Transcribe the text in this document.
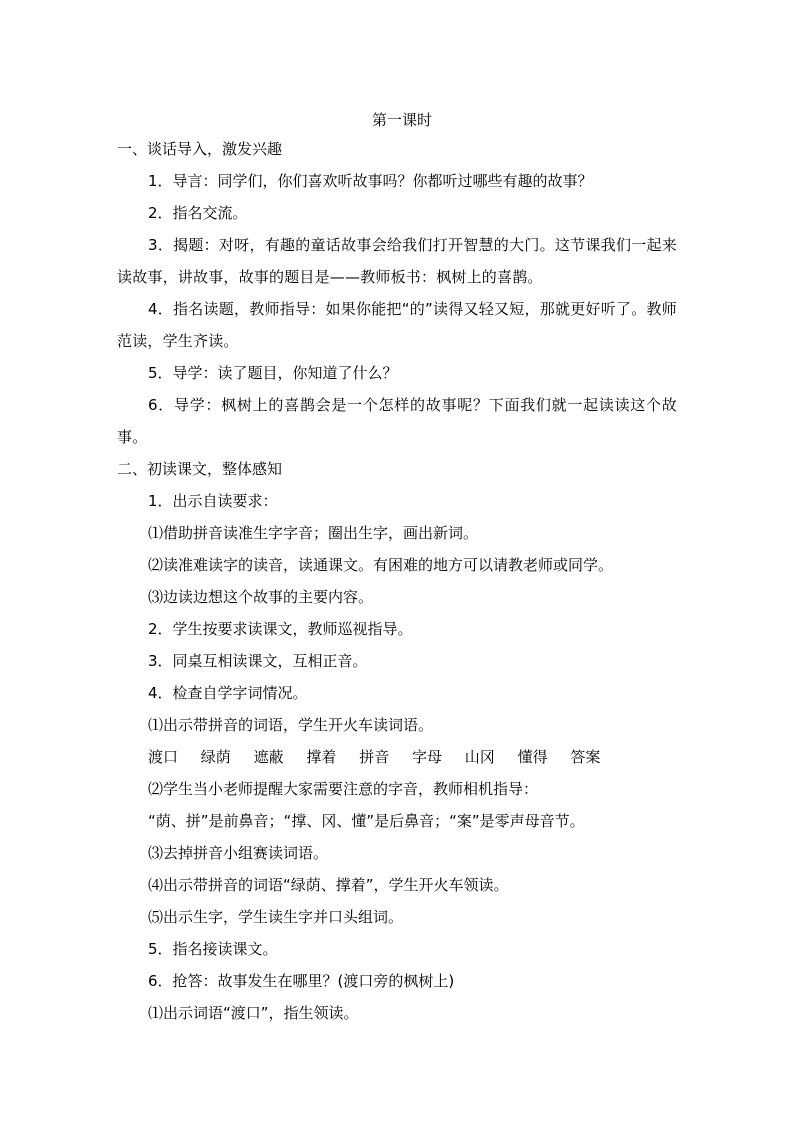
第一课时
一、谈话导入，激发兴趣
1．导言：同学们，你们喜欢听故事吗？你都听过哪些有趣的故事？
2．指名交流。
3．揭题：对呀，有趣的童话故事会给我们打开智慧的大门。这节课我们一起来读故事，讲故事，故事的题目是——教师板书：枫树上的喜鹊。
4．指名读题，教师指导：如果你能把“的”读得又轻又短，那就更好听了。教师范读，学生齐读。
5．导学：读了题目，你知道了什么？
6．导学：枫树上的喜鹊会是一个怎样的故事呢？下面我们就一起读读这个故事。
二、初读课文，整体感知
1．出示自读要求：
⑴借助拼音读准生字字音；圈出生字，画出新词。
⑵读准难读字的读音，读通课文。有困难的地方可以请教老师或同学。
⑶边读边想这个故事的主要内容。
2．学生按要求读课文，教师巡视指导。
3．同桌互相读课文，互相正音。
4．检查自学字词情况。
⑴出示带拼音的词语，学生开火车读词语。
渡口 绿荫 遮蔽 撑着 拼音 字母 山冈 懂得 答案
⑵学生当小老师提醒大家需要注意的字音，教师相机指导：
“荫、拼”是前鼻音；“撑、冈、懂”是后鼻音；“案”是零声母音节。
⑶去掉拼音小组赛读词语。
⑷出示带拼音的词语“绿荫、撑着”，学生开火车领读。
⑸出示生字，学生读生字并口头组词。
5．指名接读课文。
6．抢答：故事发生在哪里？(渡口旁的枫树上)
⑴出示词语“渡口”，指生领读。
